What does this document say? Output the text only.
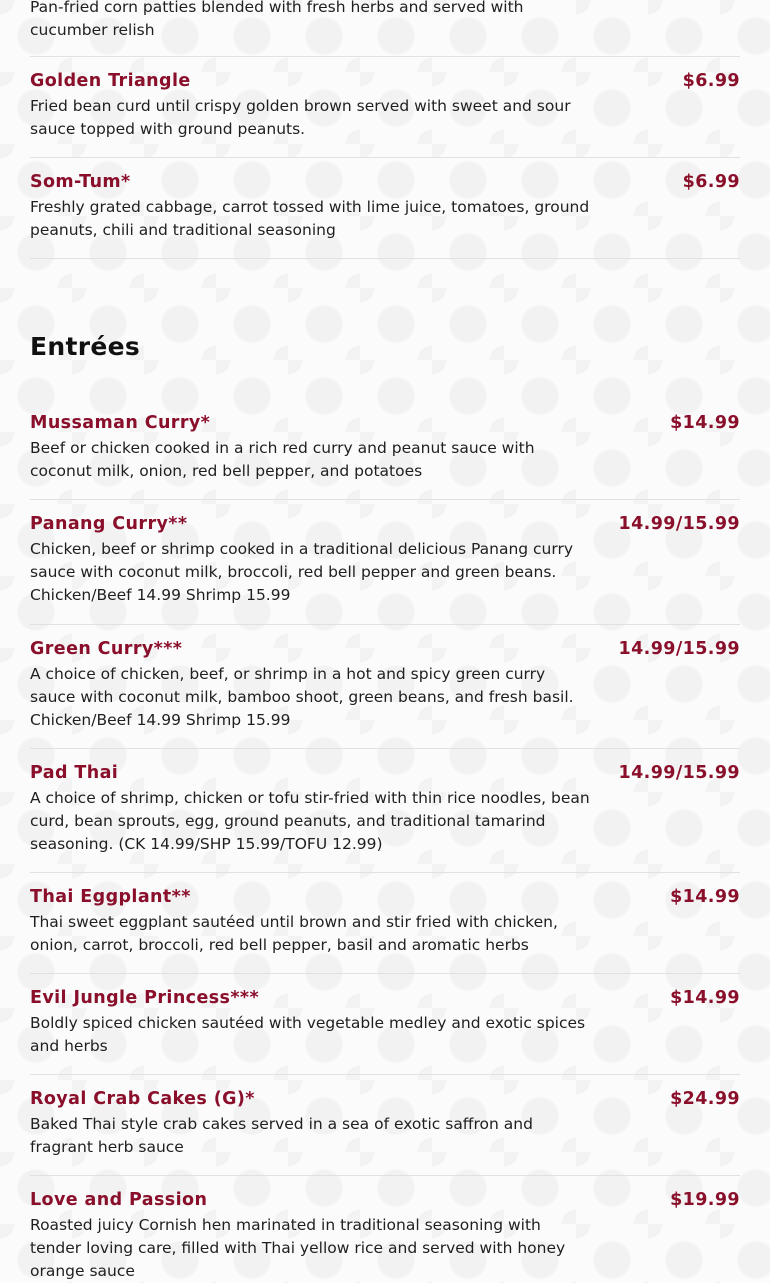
Pan-fried corn patties blended with fresh herbs and served with cucumber relish
Golden Triangle	$6.99
Fried bean curd until crispy golden brown served with sweet and sour sauce topped with ground peanuts.
Som-Tum*	$6.99
Freshly grated cabbage, carrot tossed with lime juice, tomatoes, ground peanuts, chili and traditional seasoning
Entrées
Mussaman Curry*	$14.99
Beef or chicken cooked in a rich red curry and peanut sauce with coconut milk, onion, red bell pepper, and potatoes
Panang Curry**	14.99/15.99
Chicken, beef or shrimp cooked in a traditional delicious Panang curry sauce with coconut milk, broccoli, red bell pepper and green beans. Chicken/Beef 14.99 Shrimp 15.99
Green Curry***	14.99/15.99
A choice of chicken, beef, or shrimp in a hot and spicy green curry sauce with coconut milk, bamboo shoot, green beans, and fresh basil. Chicken/Beef 14.99 Shrimp 15.99
Pad Thai	14.99/15.99
A choice of shrimp, chicken or tofu stir-fried with thin rice noodles, bean curd, bean sprouts, egg, ground peanuts, and traditional tamarind seasoning. (CK 14.99/SHP 15.99/TOFU 12.99)
Thai Eggplant**	$14.99
Thai sweet eggplant sautéed until brown and stir fried with chicken, onion, carrot, broccoli, red bell pepper, basil and aromatic herbs
Evil Jungle Princess***	$14.99
Boldly spiced chicken sautéed with vegetable medley and exotic spices and herbs
Royal Crab Cakes (G)*	$24.99
Baked Thai style crab cakes served in a sea of exotic saffron and fragrant herb sauce
Love and Passion	$19.99
Roasted juicy Cornish hen marinated in traditional seasoning with tender loving care, filled with Thai yellow rice and served with honey orange sauce
